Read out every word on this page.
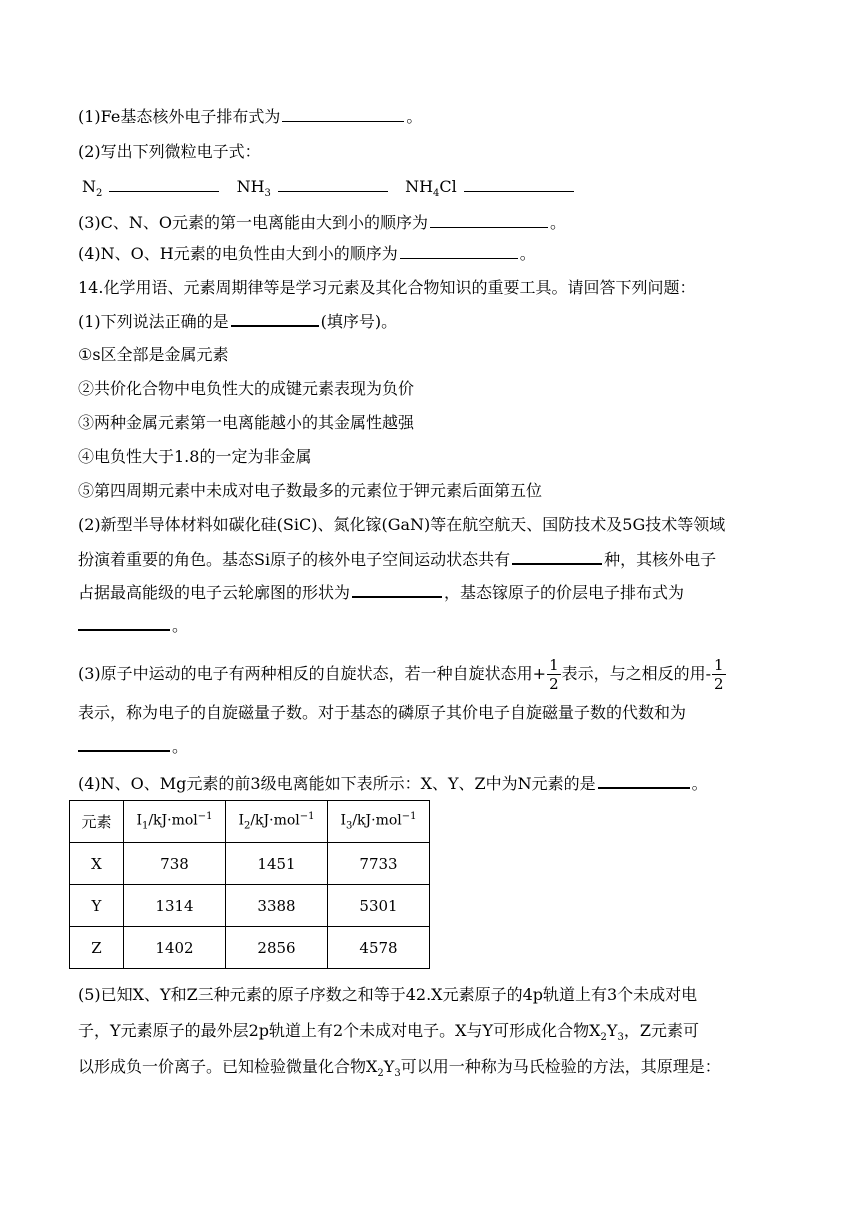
(1)Fe基态核外电子排布式为	。
(2)写出下列微粒电子式：
$N_2$	$NH_3$	$NH_4Cl$
(3)C、N、O元素的第一电离能由大到小的顺序为	。
(4)N、O、H元素的电负性由大到小的顺序为	。
14.化学用语、元素周期律等是学习元素及其化合物知识的重要工具。请回答下列问题：
(1)下列说法正确的是	(填序号)。
①s区全部是金属元素
②共价化合物中电负性大的成键元素表现为负价
③两种金属元素第一电离能越小的其金属性越强
④电负性大于1.8的一定为非金属
⑤第四周期元素中未成对电子数最多的元素位于钾元素后面第五位
(2)新型半导体材料如碳化硅(SiC)、氮化镓(GaN)等在航空航天、国防技术及5G技术等领域
扮演着重要的角色。基态Si原子的核外电子空间运动状态共有	种，其核外电子
占据最高能级的电子云轮廓图的形状为	，基态镓原子的价层电子排布式为
。
(3)原子中运动的电子有两种相反的自旋状态，若一种自旋状态用+ $\frac{1}{2}$ 表示，与之相反的用- $\frac{1}{2}$
表示，称为电子的自旋磁量子数。对于基态的磷原子其价电子自旋磁量子数的代数和为
。
(4)N、O、Mg元素的前3级电离能如下表所示：X、Y、Z中为N元素的是	。
元素	$I_1/kJ\cdot mol^{-1}$	$I_2/kJ\cdot mol^{-1}$	$I_3/kJ\cdot mol^{-1}$
X	738	1451	7733
Y	1314	3388	5301
Z	1402	2856	4578
(5)已知X、Y和Z三种元素的原子序数之和等于42.X元素原子的4p轨道上有3个未成对电
子，Y元素原子的最外层2p轨道上有2个未成对电子。X与Y可形成化合物$X_2Y_3$，Z元素可
以形成负一价离子。已知检验微量化合物$X_2Y_3$可以用一种称为马氏检验的方法，其原理是：
